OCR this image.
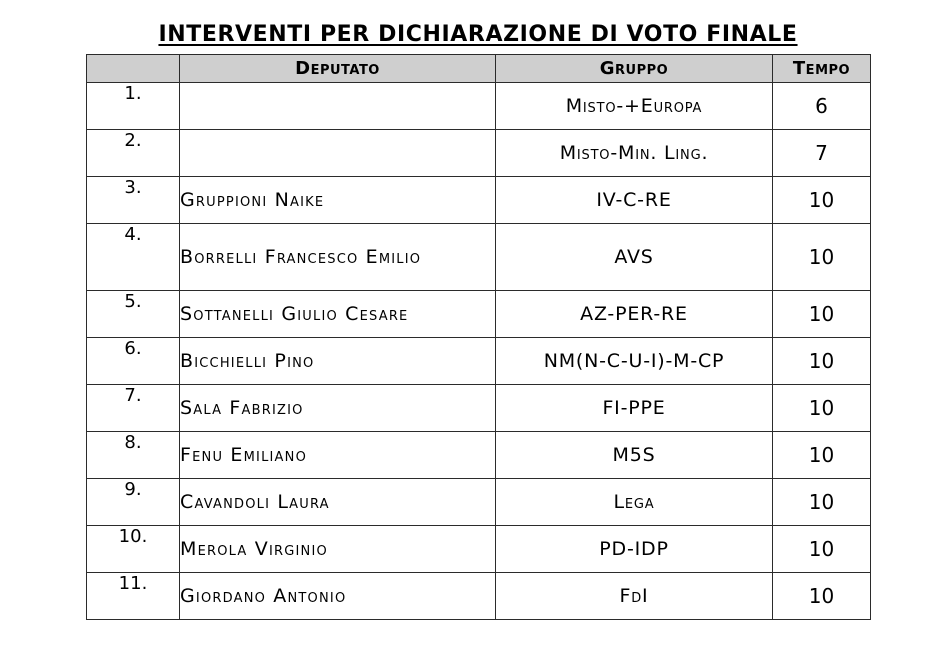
INTERVENTI PER DICHIARAZIONE DI VOTO FINALE
	Deputato	Gruppo	Tempo
1.		Misto-+Europa	6
2.		Misto-Min. Ling.	7
3.	Gruppioni Naike	IV-C-RE	10
4.	Borrelli Francesco Emilio	AVS	10
5.	Sottanelli Giulio Cesare	AZ-PER-RE	10
6.	Bicchielli Pino	NM(N-C-U-I)-M-CP	10
7.	Sala Fabrizio	FI-PPE	10
8.	Fenu Emiliano	M5S	10
9.	Cavandoli Laura	Lega	10
10.	Merola Virginio	PD-IDP	10
11.	Giordano Antonio	FdI	10
